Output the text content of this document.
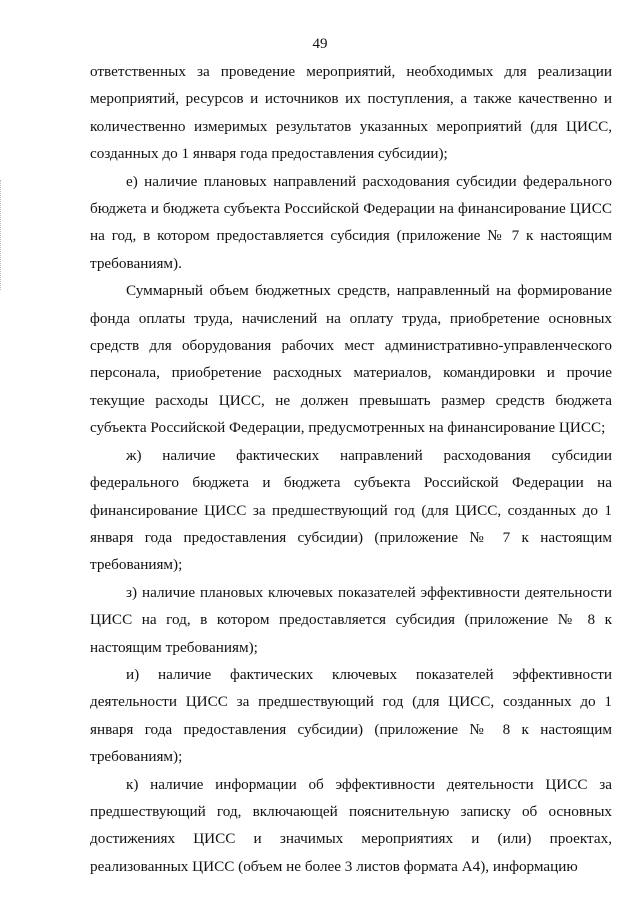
49

ответственных за проведение мероприятий, необходимых для реализации мероприятий, ресурсов и источников их поступления, а также качественно и количественно измеримых результатов указанных мероприятий (для ЦИСС, созданных до 1 января года предоставления субсидии);

е) наличие плановых направлений расходования субсидии федерального бюджета и бюджета субъекта Российской Федерации на финансирование ЦИСС на год, в котором предоставляется субсидия (приложение № 7 к настоящим требованиям).

Суммарный объем бюджетных средств, направленный на формирование фонда оплаты труда, начислений на оплату труда, приобретение основных средств для оборудования рабочих мест административно-управленческого персонала, приобретение расходных материалов, командировки и прочие текущие расходы ЦИСС, не должен превышать размер средств бюджета субъекта Российской Федерации, предусмотренных на финансирование ЦИСС;

ж) наличие фактических направлений расходования субсидии федерального бюджета и бюджета субъекта Российской Федерации на финансирование ЦИСС за предшествующий год (для ЦИСС, созданных до 1 января года предоставления субсидии) (приложение № 7 к настоящим требованиям);

з) наличие плановых ключевых показателей эффективности деятельности ЦИСС на год, в котором предоставляется субсидия (приложение № 8 к настоящим требованиям);

и) наличие фактических ключевых показателей эффективности деятельности ЦИСС за предшествующий год (для ЦИСС, созданных до 1 января года предоставления субсидии) (приложение № 8 к настоящим требованиям);

к) наличие информации об эффективности деятельности ЦИСС за предшествующий год, включающей пояснительную записку об основных достижениях ЦИСС и значимых мероприятиях и (или) проектах, реализованных ЦИСС (объем не более 3 листов формата А4), информацию
